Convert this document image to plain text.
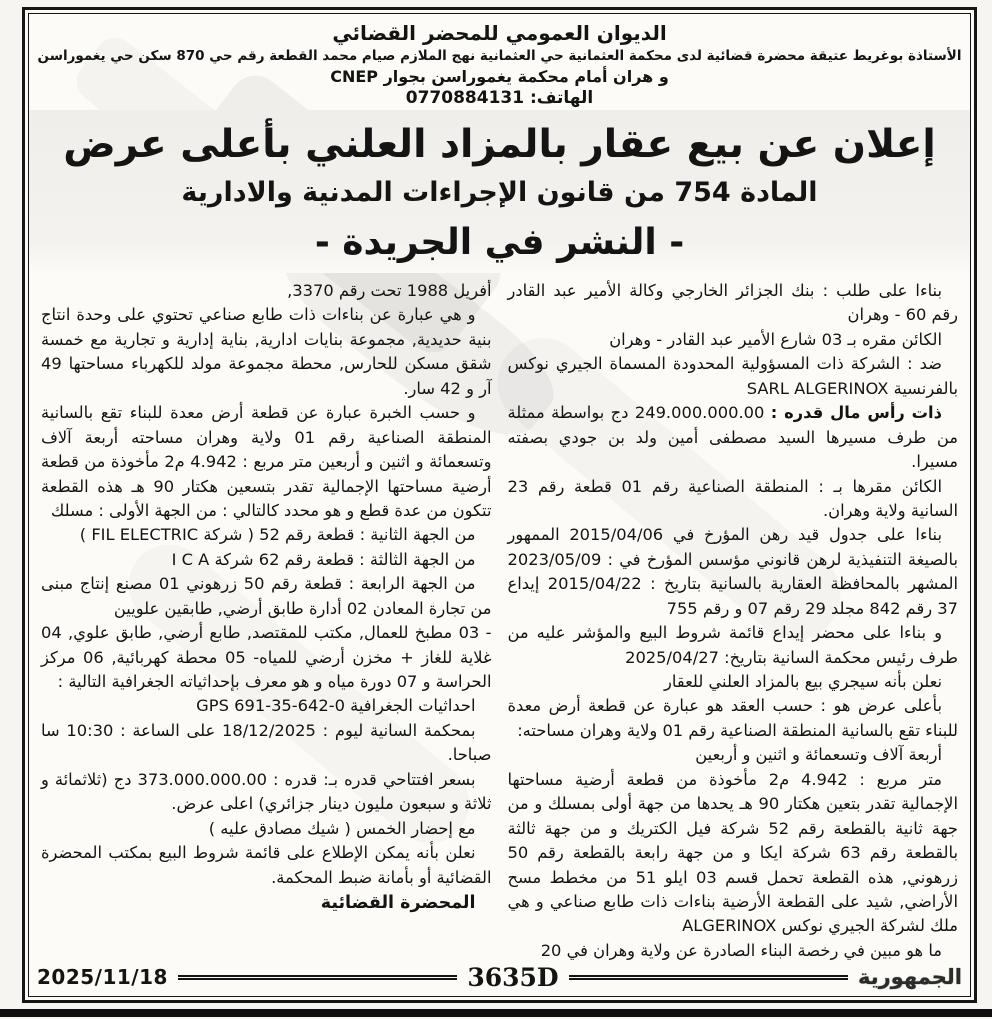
الديوان العمومي للمحضر القضائي

الأستاذة بوغريط عتيقة محضرة قضائية لدى محكمة العثمانية حي العثمانية نهج الملازم صيام محمد القطعة رقم حي 870 سكن حي يغموراسن

و هران أمام محكمة يغموراسن بجوار CNEP

الهاتف: 0770884131

إعلان عن بيع عقار بالمزاد العلني بأعلى عرض

المادة 754 من قانون الإجراءات المدنية والادارية

- النشر في الجريدة -

بناءا على طلب : بنك الجزائر الخارجي وكالة الأمير عبد القادر رقم 60 - وهران

الكائن مقره بـ 03 شارع الأمير عبد القادر - وهران

ضد : الشركة ذات المسؤولية المحدودة المسماة الجيري نوكس بالفرنسية SARL ALGERINOX

ذات رأس مال قدره : 249.000.000.00 دج بواسطة ممثلة من طرف مسيرها السيد مصطفى أمين ولد بن جودي بصفته مسيرا.

الكائن مقرها بـ : المنطقة الصناعية رقم 01 قطعة رقم 23 السانية ولاية وهران.

بناءا على جدول قيد رهن المؤرخ في 2015/04/06 الممهور بالصيغة التنفيذية لرهن قانوني مؤسس المؤرخ في : 2023/05/09 المشهر بالمحافظة العقارية بالسانية بتاريخ : 2015/04/22 إيداع 37 رقم 842 مجلد 29 رقم 07 و رقم 755

و بناءا على محضر إيداع قائمة شروط البيع والمؤشر عليه من طرف رئيس محكمة السانية بتاريخ: 2025/04/27

نعلن بأنه سيجري بيع بالمزاد العلني للعقار

بأعلى عرض هو : حسب العقد هو عبارة عن قطعة أرض معدة للبناء تقع بالسانية المنطقة الصناعية رقم 01 ولاية وهران مساحته:

أربعة آلاف وتسعمائة و اثنين و أربعين

متر مربع : 4.942 م2 مأخوذة من قطعة أرضية مساحتها الإجمالية تقدر بتعين هكتار 90 هـ يحدها من جهة أولى بمسلك و من جهة ثانية بالقطعة رقم 52 شركة فيل الكتريك و من جهة ثالثة بالقطعة رقم 63 شركة ايكا و من جهة رابعة بالقطعة رقم 50 زرهوني, هذه القطعة تحمل قسم 03 ايلو 51 من مخطط مسح الأراضي, شيد على القطعة الأرضية بناءات ذات طابع صناعي و هي ملك لشركة الجيري نوكس ALGERINOX

ما هو مبين في رخصة البناء الصادرة عن ولاية وهران في 20

أفريل 1988 تحت رقم 3370,

و هي عبارة عن بناءات ذات طابع صناعي تحتوي على وحدة انتاج بنية حديدية, مجموعة بنايات ادارية, بناية إدارية و تجارية مع خمسة شقق مسكن للحارس, محطة مجموعة مولد للكهرباء مساحتها 49 آر و 42 سار.

و حسب الخبرة عبارة عن قطعة أرض معدة للبناء تقع بالسانية المنطقة الصناعية رقم 01 ولاية وهران مساحته أربعة آلاف وتسعمائة و اثنين و أربعين متر مربع : 4.942 م2 مأخوذة من قطعة أرضية مساحتها الإجمالية تقدر بتسعين هكتار 90 هـ هذه القطعة تتكون من عدة قطع و هو محدد كالتالي : من الجهة الأولى : مسلك

من الجهة الثانية : قطعة رقم 52 ( شركة FIL ELECTRIC )

من الجهة الثالثة : قطعة رقم 62 شركة I C A

من الجهة الرابعة : قطعة رقم 50 زرهوني 01 مصنع إنتاج مبنى من تجارة المعادن 02 أدارة طابق أرضي, طابقين علويين

- 03 مطبخ للعمال, مكتب للمقتصد, طابع أرضي, طابق علوي, 04 غلاية للغاز + مخزن أرضي للمياه- 05 محطة كهربائية, 06 مركز الحراسة و 07 دورة مياه و هو معرف بإحداثياته الجغرافية التالية :

احداثيات الجغرافية 0-642-35-691 GPS

بمحكمة السانية ليوم : 18/12/2025 على الساعة : 10:30 سا صباحا.

بسعر افتتاحي قدره بـ: قدره : 373.000.000.00 دج (ثلاثمائة و ثلاثة و سبعون مليون دينار جزائري) اعلى عرض.

مع إحضار الخمس ( شيك مصادق عليه )

نعلن بأنه يمكن الإطلاع على قائمة شروط البيع بمكتب المحضرة القضائية أو بأمانة ضبط المحكمة.

المحضرة القضائية

2025/11/18	3635D	الجمهورية
